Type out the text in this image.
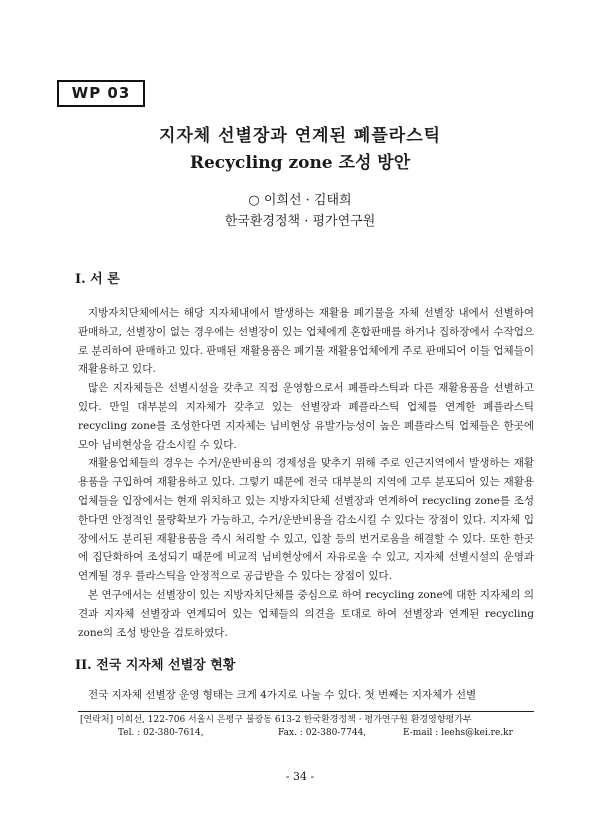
WP 03
지자체 선별장과 연계된 폐플라스틱
Recycling zone 조성 방안
○ 이희선 · 김태희
한국환경정책 · 평가연구원
I. 서 론

지방자치단체에서는 해당 지자체내에서 발생하는 재활용 폐기물을 자체 선별장 내에서 선별하여 판매하고, 선별장이 없는 경우에는 선별장이 있는 업체에게 혼합판매를 하거나 집하장에서 수작업으로 분리하여 판매하고 있다. 판매된 재활용품은 폐기물 재활용업체에게 주로 판매되어 이들 업체들이 재활용하고 있다.

많은 지자체들은 선별시설을 갖추고 직접 운영함으로서 폐플라스틱과 다른 재활용품을 선별하고 있다. 만일 대부분의 지자체가 갖추고 있는 선별장과 폐플라스틱 업체를 연계한 폐플라스틱 recycling zone를 조성한다면 지자체는 님비현상 유발가능성이 높은 폐플라스틱 업체들은 한곳에 모아 님비현상을 감소시킬 수 있다.

재활용업체들의 경우는 수거/운반비용의 경제성을 맞추기 위해 주로 인근지역에서 발생하는 재활용품을 구입하여 재활용하고 있다. 그렇기 때문에 전국 대부분의 지역에 고루 분포되어 있는 재활용업체들을 입장에서는 현재 위치하고 있는 지방자치단체 선별장과 연계하여 recycling zone를 조성한다면 안정적인 물량확보가 가능하고, 수거/운반비용을 감소시킬 수 있다는 장점이 있다. 지자체 입장에서도 분리된 재활용품을 즉시 처리할 수 있고, 입찰 등의 번거로움을 해결할 수 있다. 또한 한곳에 집단화하여 조성되기 때문에 비교적 님비현상에서 자유로울 수 있고, 지자체 선별시설의 운영과 연계될 경우 플라스틱을 안정적으로 공급받을 수 있다는 장점이 있다.

본 연구에서는 선별장이 있는 지방자치단체를 중심으로 하여 recycling zone에 대한 지자체의 의견과 지자체 선별장과 연계되어 있는 업체들의 의견을 토대로 하여 선별장과 연계된 recycling zone의 조성 방안을 검토하였다.

II. 전국 지자체 선별장 현황
전국 지자체 선별장 운영 형태는 크게 4가지로 나눌 수 있다. 첫 번째는 지자체가 선별
[연락처] 이희선, 122-706 서울시 은평구 불광동 613-2 한국환경정책 · 평가연구원 환경영향평가부
Tel. : 02-380-7614,	Fax. : 02-380-7744,	E-mail : leehs@kei.re.kr
- 34 -
